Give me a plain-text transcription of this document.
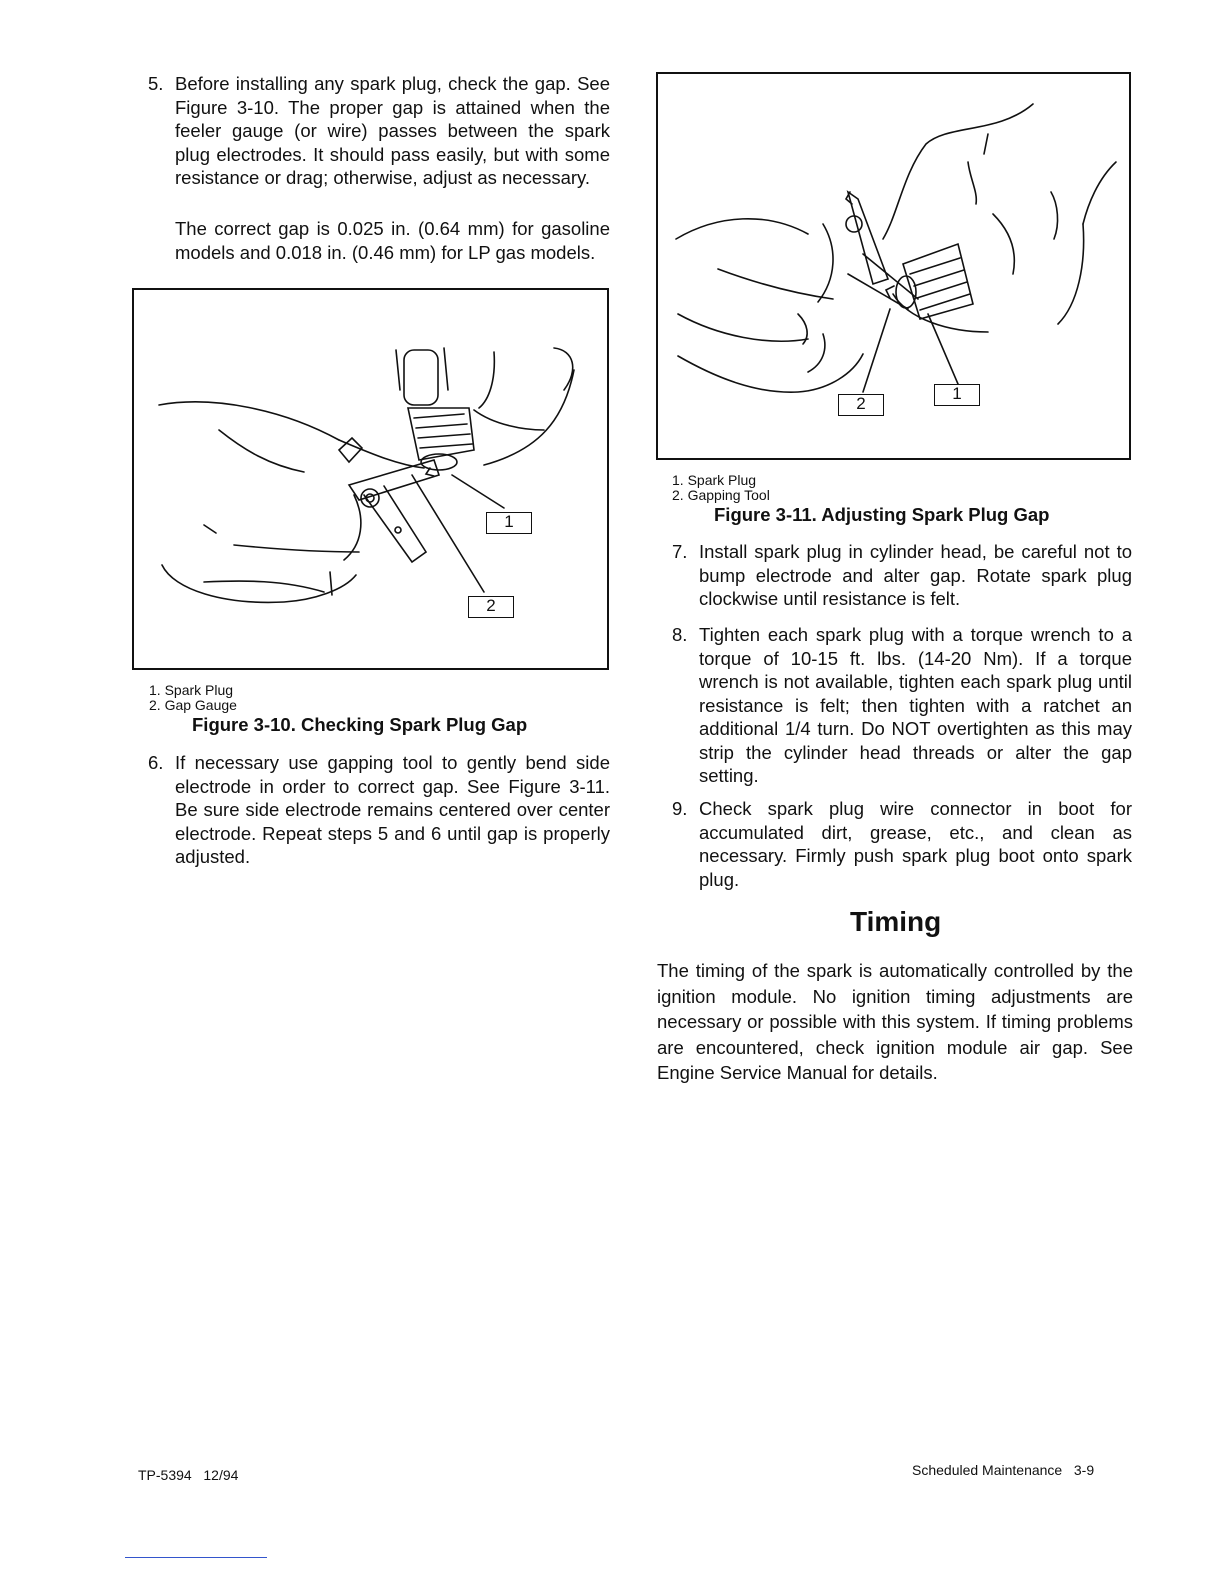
5. Before installing any spark plug, check the gap. See Figure 3-10. The proper gap is attained when the feeler gauge (or wire) passes between the spark plug electrodes. It should pass easily, but with some resistance or drag; otherwise, adjust as necessary.
The correct gap is 0.025 in. (0.64 mm) for gasoline models and 0.018 in. (0.46 mm) for LP gas models.
1
2
1. Spark Plug
2. Gap Gauge
Figure 3-10. Checking Spark Plug Gap
6. If necessary use gapping tool to gently bend side electrode in order to correct gap. See Figure 3-11. Be sure side electrode remains centered over center electrode. Repeat steps 5 and 6 until gap is properly adjusted.
2
1
1. Spark Plug
2. Gapping Tool
Figure 3-11. Adjusting Spark Plug Gap
7. Install spark plug in cylinder head, be careful not to bump electrode and alter gap. Rotate spark plug clockwise until resistance is felt.
8. Tighten each spark plug with a torque wrench to a torque of 10-15 ft. lbs. (14-20 Nm). If a torque wrench is not available, tighten each spark plug until resistance is felt; then tighten with a ratchet an additional 1/4 turn. Do NOT overtighten as this may strip the cylinder head threads or alter the gap setting.
9. Check spark plug wire connector in boot for accumulated dirt, grease, etc., and clean as necessary. Firmly push spark plug boot onto spark plug.
Timing
The timing of the spark is automatically controlled by the ignition module. No ignition timing adjustments are necessary or possible with this system. If timing problems are encountered, check ignition module air gap. See Engine Service Manual for details.
TP-5394   12/94	Scheduled Maintenance   3-9
